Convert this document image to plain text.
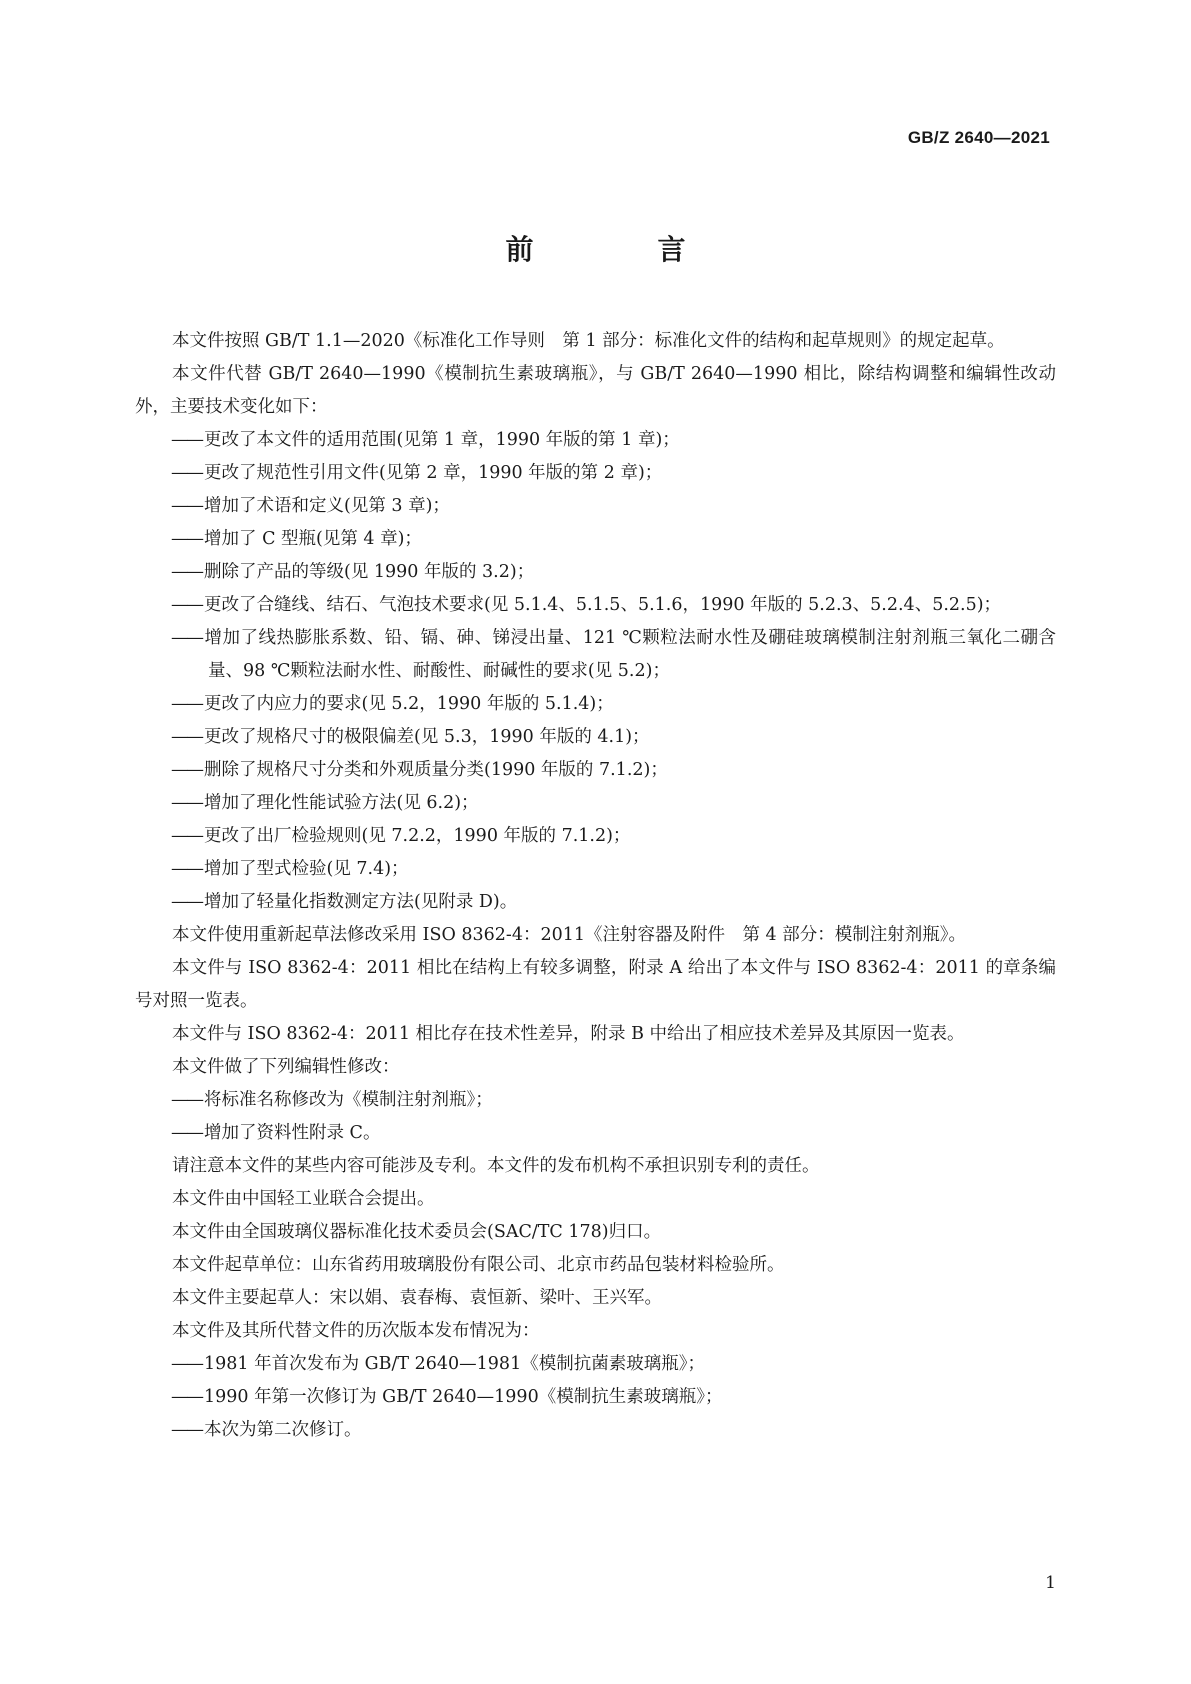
GB/Z 2640—2021
前　言

本文件按照 GB/T 1.1—2020《标准化工作导则　第 1 部分：标准化文件的结构和起草规则》的规定起草。

本文件代替 GB/T 2640—1990《模制抗生素玻璃瓶》，与 GB/T 2640—1990 相比，除结构调整和编辑性改动外，主要技术变化如下：

—— 更改了本文件的适用范围(见第 1 章，1990 年版的第 1 章)；

—— 更改了规范性引用文件(见第 2 章，1990 年版的第 2 章)；

—— 增加了术语和定义(见第 3 章)；

—— 增加了 C 型瓶(见第 4 章)；

—— 删除了产品的等级(见 1990 年版的 3.2)；

—— 更改了合缝线、结石、气泡技术要求(见 5.1.4、5.1.5、5.1.6，1990 年版的 5.2.3、5.2.4、5.2.5)；

—— 增加了线热膨胀系数、铅、镉、砷、锑浸出量、121 ℃颗粒法耐水性及硼硅玻璃模制注射剂瓶三氧化二硼含量、98 ℃颗粒法耐水性、耐酸性、耐碱性的要求(见 5.2)；

—— 更改了内应力的要求(见 5.2，1990 年版的 5.1.4)；

—— 更改了规格尺寸的极限偏差(见 5.3，1990 年版的 4.1)；

—— 删除了规格尺寸分类和外观质量分类(1990 年版的 7.1.2)；

—— 增加了理化性能试验方法(见 6.2)；

—— 更改了出厂检验规则(见 7.2.2，1990 年版的 7.1.2)；

—— 增加了型式检验(见 7.4)；

—— 增加了轻量化指数测定方法(见附录 D)。

本文件使用重新起草法修改采用 ISO 8362-4：2011《注射容器及附件　第 4 部分：模制注射剂瓶》。

本文件与 ISO 8362-4：2011 相比在结构上有较多调整，附录 A 给出了本文件与 ISO 8362-4：2011 的章条编号对照一览表。

本文件与 ISO 8362-4：2011 相比存在技术性差异，附录 B 中给出了相应技术差异及其原因一览表。

本文件做了下列编辑性修改：

—— 将标准名称修改为《模制注射剂瓶》；

—— 增加了资料性附录 C。

请注意本文件的某些内容可能涉及专利。本文件的发布机构不承担识别专利的责任。

本文件由中国轻工业联合会提出。

本文件由全国玻璃仪器标准化技术委员会(SAC/TC 178)归口。

本文件起草单位：山东省药用玻璃股份有限公司、北京市药品包装材料检验所。

本文件主要起草人：宋以娟、袁春梅、袁恒新、梁叶、王兴军。

本文件及其所代替文件的历次版本发布情况为：

—— 1981 年首次发布为 GB/T 2640—1981《模制抗菌素玻璃瓶》；

—— 1990 年第一次修订为 GB/T 2640—1990《模制抗生素玻璃瓶》；

—— 本次为第二次修订。

1
